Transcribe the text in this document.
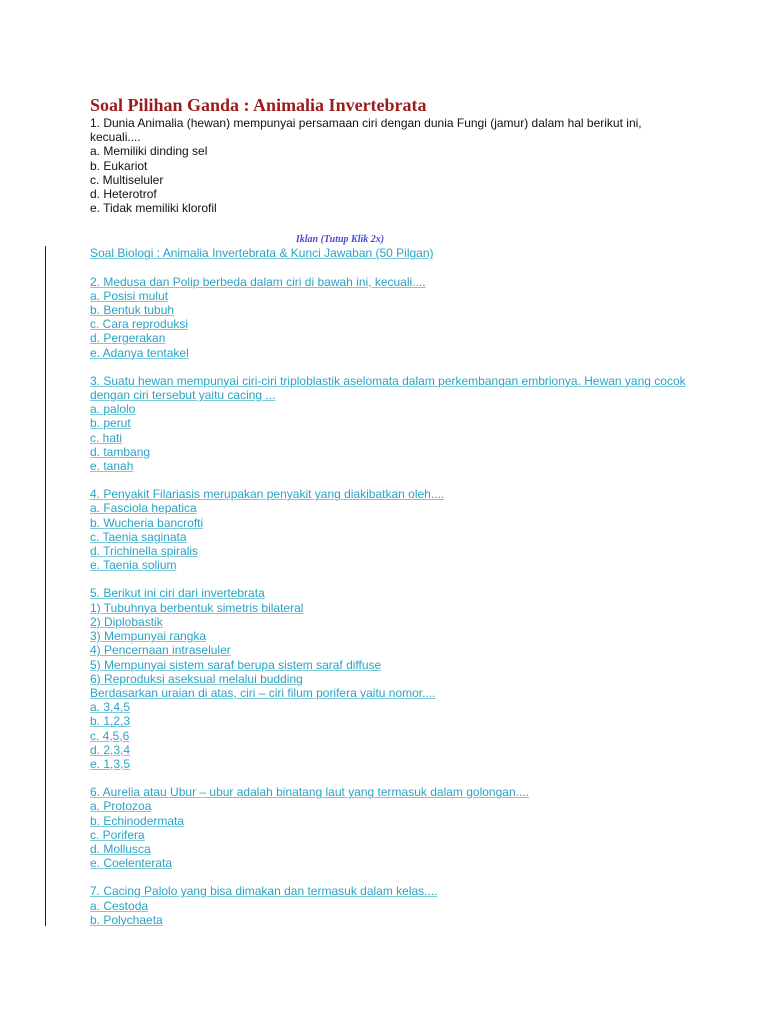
Soal Pilihan Ganda : Animalia Invertebrata
1. Dunia Animalia (hewan) mempunyai persamaan ciri dengan dunia Fungi (jamur) dalam hal berikut ini, kecuali....
a. Memiliki dinding sel
b. Eukariot
c. Multiseluler
d. Heterotrof
e. Tidak memiliki klorofil
Iklan (Tutup Klik 2x)
Soal Biologi : Animalia Invertebrata & Kunci Jawaban (50 Pilgan)
2. Medusa dan Polip berbeda dalam ciri di bawah ini, kecuali....
a. Posisi mulut
b. Bentuk tubuh
c. Cara reproduksi
d. Pergerakan
e. Adanya tentakel
3. Suatu hewan mempunyai ciri-ciri triploblastik aselomata dalam perkembangan embrionya. Hewan yang cocok dengan ciri tersebut yaitu cacing ...
a. palolo
b. perut
c. hati
d. tambang
e. tanah
4. Penyakit Filariasis merupakan penyakit yang diakibatkan oleh....
a. Fasciola hepatica
b. Wucheria bancrofti
c. Taenia saginata
d. Trichinella spiralis
e. Taenia solium
5. Berikut ini ciri dari invertebrata
1) Tubuhnya berbentuk simetris bilateral
2) Diplobastik
3) Mempunyai rangka
4) Pencernaan intraseluler
5) Mempunyai sistem saraf berupa sistem saraf diffuse
6) Reproduksi aseksual melalui budding
Berdasarkan uraian di atas, ciri – ciri filum porifera yaitu nomor....
a. 3,4,5
b. 1,2,3
c. 4,5,6
d. 2,3,4
e. 1,3,5
6. Aurelia atau Ubur – ubur adalah binatang laut yang termasuk dalam golongan....
a. Protozoa
b. Echinodermata
c. Porifera
d. Mollusca
e. Coelenterata
7. Cacing Palolo yang bisa dimakan dan termasuk dalam kelas....
a. Cestoda
b. Polychaeta
